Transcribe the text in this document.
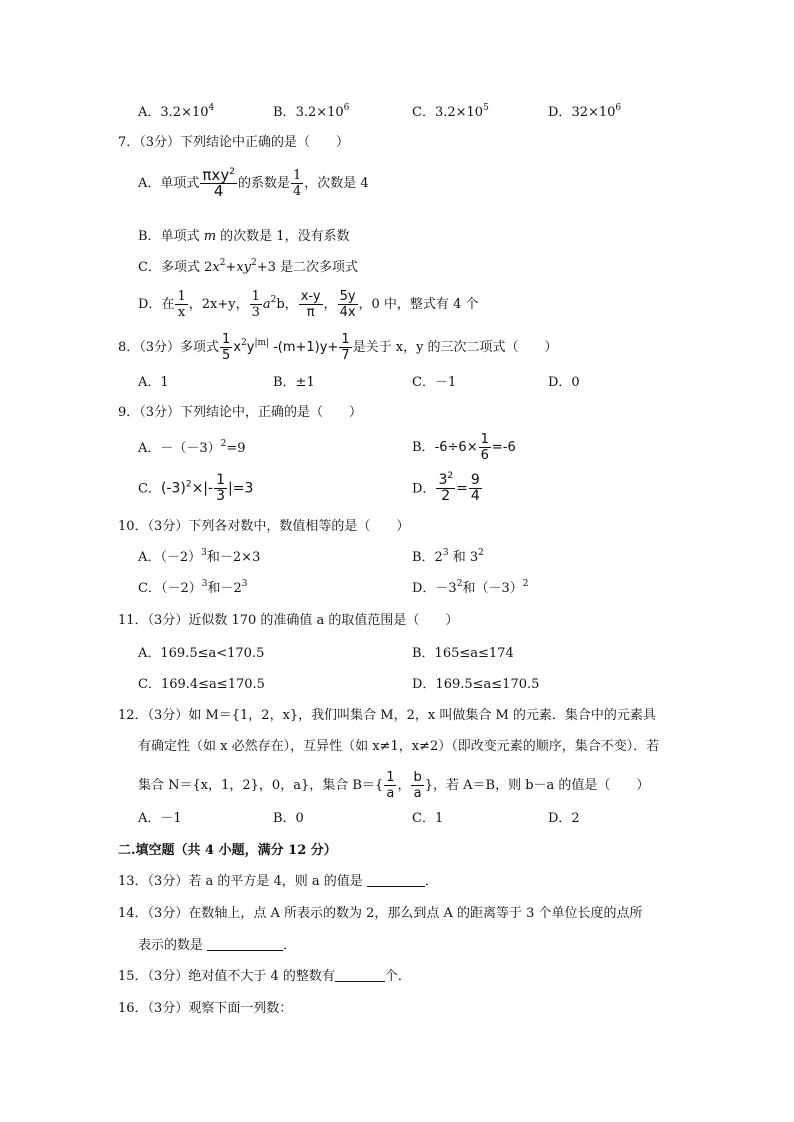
A．$3.2\times 10^4$	B．$3.2\times 10^6$	C．$3.2\times 10^5$	D．$32\times 10^6$
7．（3分）下列结论中正确的是（　　）
A．单项式 $\frac{\pi xy^2}{4}$ 的系数是 $\frac{1}{4}$ ，次数是 4
B．单项式 m 的次数是 1，没有系数
C．多项式 $2x^2+xy^2+3$ 是二次多项式
D．在 $\frac{1}{x}$ ，2x+y， $\frac{1}{3} a^2b$， $\frac{x-y}{\pi}$ ， $\frac{5y}{4x}$ ，0 中，整式有 4 个
8．（3分）多项式 $\frac{1}{5} x^2y^{|m|}$ $-(m+1)y+ \frac{1}{7}$ 是关于 x，y 的三次二项式（　　）
A．1	B．±1	C．－1	D．0
9．（3分）下列结论中，正确的是（　　）
A．$-(-3)^2=9$	B．$-6\div 6\times \frac{1}{6} =-6$
C．$(-3)^2\times|- \frac{1}{3} |=3$	D． $\frac{3^2}{2} = \frac{9}{4}$
10．（3分）下列各对数中，数值相等的是（　　）
A．$(-2)^3$和－2×3	B．$2^3$ 和 $3^2$
C．$(-2)^3$和$-2^3$	D．$-3^2$和$(-3)^2$
11．（3分）近似数 170 的准确值 a 的取值范围是（　　）
A．169.5≤a<170.5	B．165≤a≤174
C．169.4≤a≤170.5	D．169.5≤a≤170.5
12．（3分）如 M＝{1，2，x}，我们叫集合 M，2，x 叫做集合 M 的元素．集合中的元素具
有确定性（如 x 必然存在），互异性（如 x≠1，x≠2）（即改变元素的顺序，集合不变）．若
集合 N＝{x，1，2}，0，a}，集合 $B=\{ \frac{1}{a}$ ， $\frac{b}{a}$ }，若 A＝B，则 b－a 的值是（　　）
A．－1	B．0	C．1	D．2
二.填空题（共 4 小题，满分 12 分）
13．（3分）若 a 的平方是 4，则 a 的值是	．
14．（3分）在数轴上，点 A 所表示的数为 2，那么到点 A 的距离等于 3 个单位长度的点所
表示的数是	．
15．（3分）绝对值不大于 4 的整数有	个．
16．（3分）观察下面一列数：
